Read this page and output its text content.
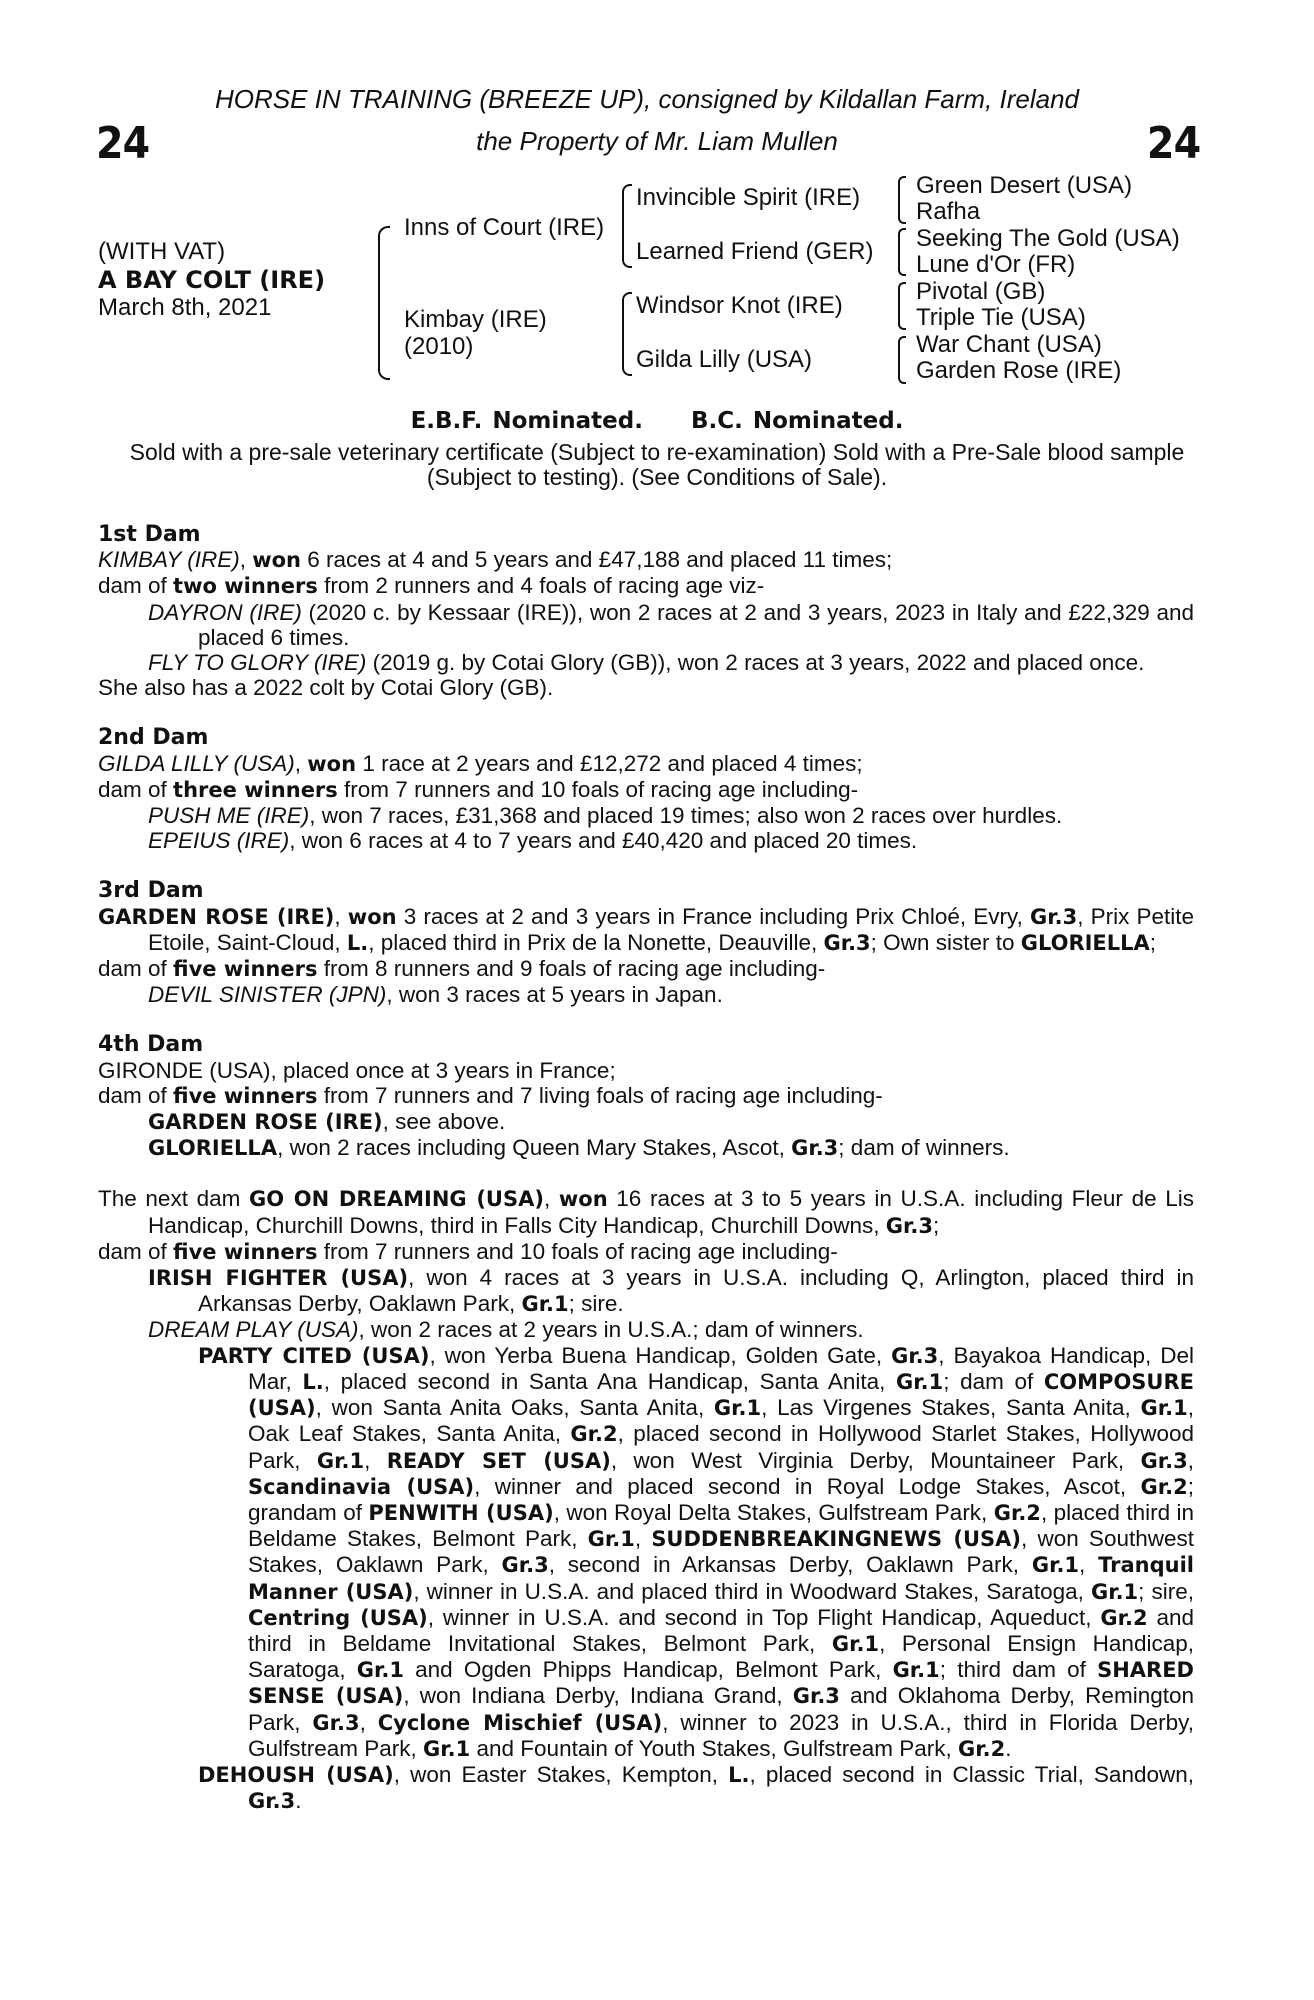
24	24
HORSE IN TRAINING (BREEZE UP), consigned by Kildallan Farm, Ireland
the Property of Mr. Liam Mullen
(WITH VAT)
A BAY COLT (IRE)
March 8th, 2021
Inns of Court (IRE)
Kimbay (IRE)
(2010)
Invincible Spirit (IRE)
Learned Friend (GER)
Windsor Knot (IRE)
Gilda Lilly (USA)
Green Desert (USA)
Rafha
Seeking The Gold (USA)
Lune d'Or (FR)
Pivotal (GB)
Triple Tie (USA)
War Chant (USA)
Garden Rose (IRE)
E.B.F. Nominated. B.C. Nominated.
Sold with a pre-sale veterinary certificate (Subject to re-examination) Sold with a Pre-Sale blood sample (Subject to testing). (See Conditions of Sale).

1st Dam

KIMBAY (IRE), won 6 races at 4 and 5 years and £47,188 and placed 11 times;

dam of two winners from 2 runners and 4 foals of racing age viz-

DAYRON (IRE) (2020 c. by Kessaar (IRE)), won 2 races at 2 and 3 years, 2023 in Italy and £22,329 and placed 6 times.

FLY TO GLORY (IRE) (2019 g. by Cotai Glory (GB)), won 2 races at 3 years, 2022 and placed once.

She also has a 2022 colt by Cotai Glory (GB).

2nd Dam

GILDA LILLY (USA), won 1 race at 2 years and £12,272 and placed 4 times;

dam of three winners from 7 runners and 10 foals of racing age including-

PUSH ME (IRE), won 7 races, £31,368 and placed 19 times; also won 2 races over hurdles.

EPEIUS (IRE), won 6 races at 4 to 7 years and £40,420 and placed 20 times.

3rd Dam

GARDEN ROSE (IRE), won 3 races at 2 and 3 years in France including Prix Chloé, Evry, Gr.3, Prix Petite Etoile, Saint-Cloud, L., placed third in Prix de la Nonette, Deauville, Gr.3; Own sister to GLORIELLA;

dam of five winners from 8 runners and 9 foals of racing age including-

DEVIL SINISTER (JPN), won 3 races at 5 years in Japan.

4th Dam

GIRONDE (USA), placed once at 3 years in France;

dam of five winners from 7 runners and 7 living foals of racing age including-

GARDEN ROSE (IRE), see above.

GLORIELLA, won 2 races including Queen Mary Stakes, Ascot, Gr.3; dam of winners.

The next dam GO ON DREAMING (USA), won 16 races at 3 to 5 years in U.S.A. including Fleur de Lis Handicap, Churchill Downs, third in Falls City Handicap, Churchill Downs, Gr.3;

dam of five winners from 7 runners and 10 foals of racing age including-

IRISH FIGHTER (USA), won 4 races at 3 years in U.S.A. including Q, Arlington, placed third in Arkansas Derby, Oaklawn Park, Gr.1; sire.

DREAM PLAY (USA), won 2 races at 2 years in U.S.A.; dam of winners.

PARTY CITED (USA), won Yerba Buena Handicap, Golden Gate, Gr.3, Bayakoa Handicap, Del Mar, L., placed second in Santa Ana Handicap, Santa Anita, Gr.1; dam of COMPOSURE (USA), won Santa Anita Oaks, Santa Anita, Gr.1, Las Virgenes Stakes, Santa Anita, Gr.1, Oak Leaf Stakes, Santa Anita, Gr.2, placed second in Hollywood Starlet Stakes, Hollywood Park, Gr.1, READY SET (USA), won West Virginia Derby, Mountaineer Park, Gr.3, Scandinavia (USA), winner and placed second in Royal Lodge Stakes, Ascot, Gr.2; grandam of PENWITH (USA), won Royal Delta Stakes, Gulfstream Park, Gr.2, placed third in Beldame Stakes, Belmont Park, Gr.1, SUDDENBREAKINGNEWS (USA), won Southwest Stakes, Oaklawn Park, Gr.3, second in Arkansas Derby, Oaklawn Park, Gr.1, Tranquil Manner (USA), winner in U.S.A. and placed third in Woodward Stakes, Saratoga, Gr.1; sire, Centring (USA), winner in U.S.A. and second in Top Flight Handicap, Aqueduct, Gr.2 and third in Beldame Invitational Stakes, Belmont Park, Gr.1, Personal Ensign Handicap, Saratoga, Gr.1 and Ogden Phipps Handicap, Belmont Park, Gr.1; third dam of SHARED SENSE (USA), won Indiana Derby, Indiana Grand, Gr.3 and Oklahoma Derby, Remington Park, Gr.3, Cyclone Mischief (USA), winner to 2023 in U.S.A., third in Florida Derby, Gulfstream Park, Gr.1 and Fountain of Youth Stakes, Gulfstream Park, Gr.2.

DEHOUSH (USA), won Easter Stakes, Kempton, L., placed second in Classic Trial, Sandown, Gr.3.
